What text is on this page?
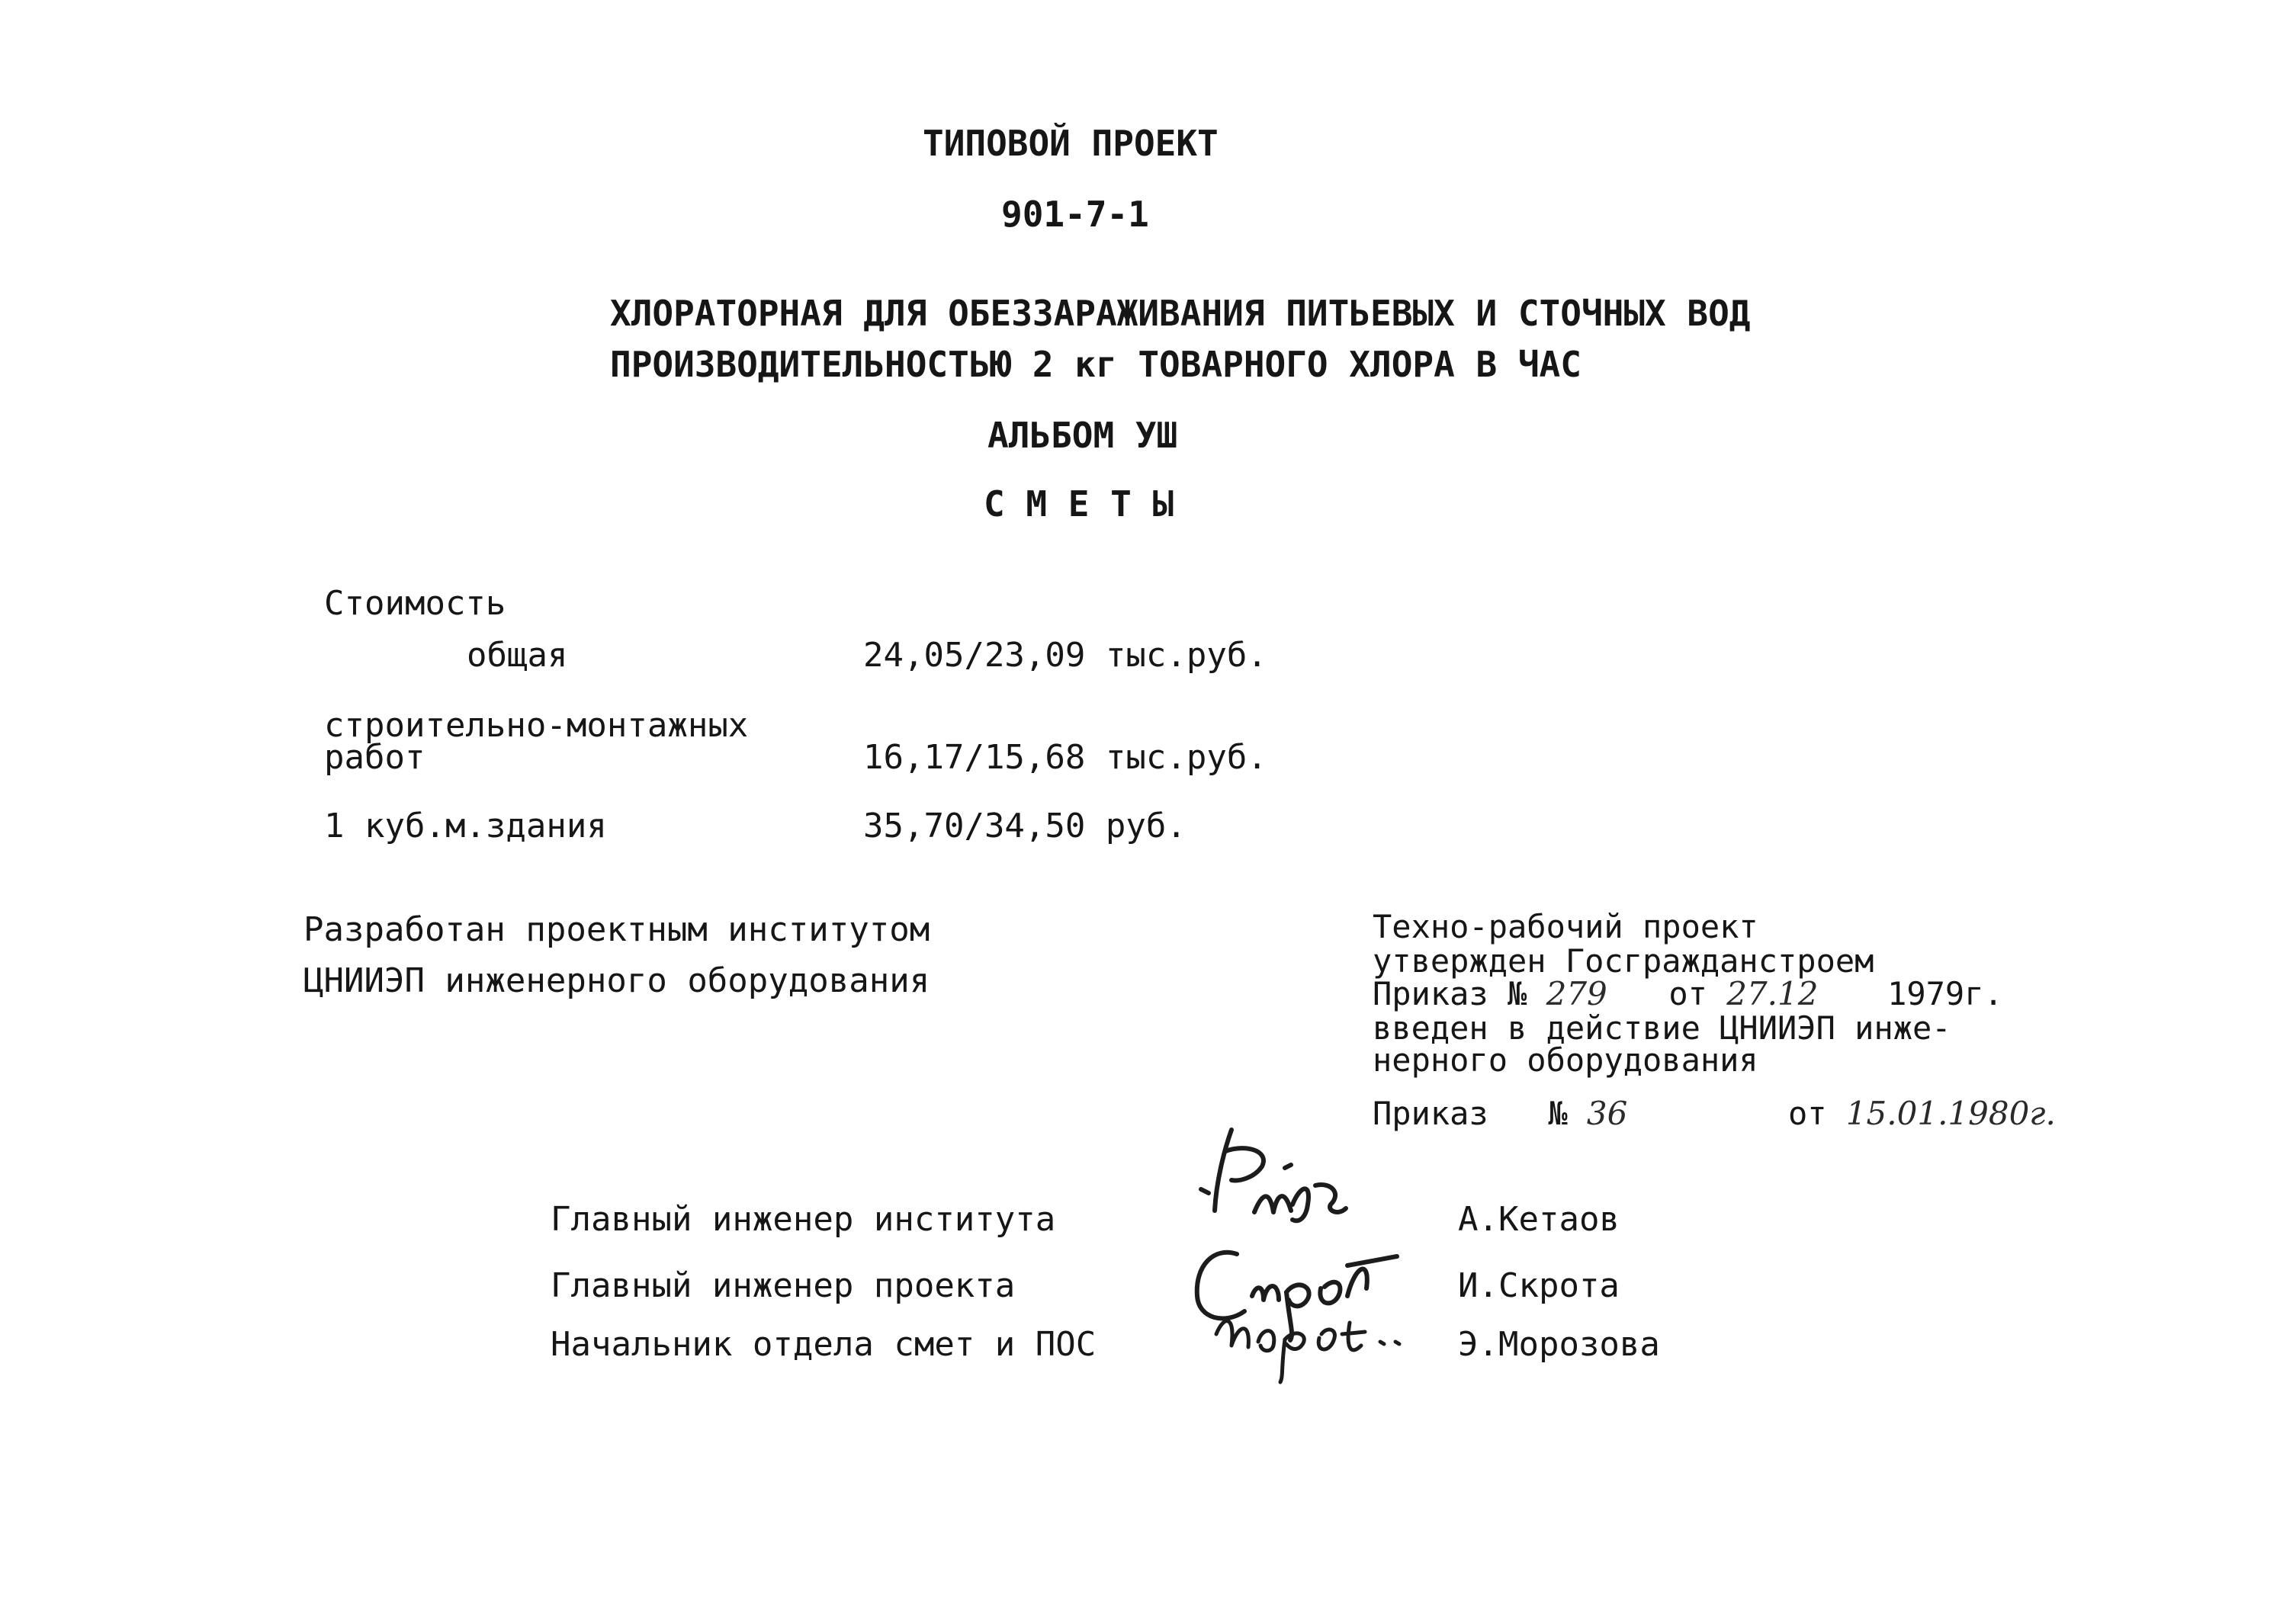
ТИПОВОЙ ПРОЕКТ
901-7-1
ХЛОРАТОРНАЯ ДЛЯ ОБЕЗЗАРАЖИВАНИЯ ПИТЬЕВЫХ И СТОЧНЫХ ВОД
ПРОИЗВОДИТЕЛЬНОСТЬЮ 2 кг ТОВАРНОГО ХЛОРА В ЧАС
АЛЬБОМ УШ
С М Е Т Ы
Стоимость
общая	24,05/23,09 тыс.руб.
строительно-монтажных
работ	16,17/15,68 тыс.руб.
1 куб.м.здания	35,70/34,50 руб.
Разработан проектным институтом
ЦНИИЭП инженерного оборудования
Техно-рабочий проект
утвержден Госгражданстроем
Приказ № 279 от 27.12 1979г.
введен в действие ЦНИИЭП инже-
нерного оборудования
Приказ № 36	от 15.01.1980г.
Главный инженер института	А.Кетаов
Главный инженер проекта	И.Скрота
Начальник отдела смет и ПОС	Э.Морозова
